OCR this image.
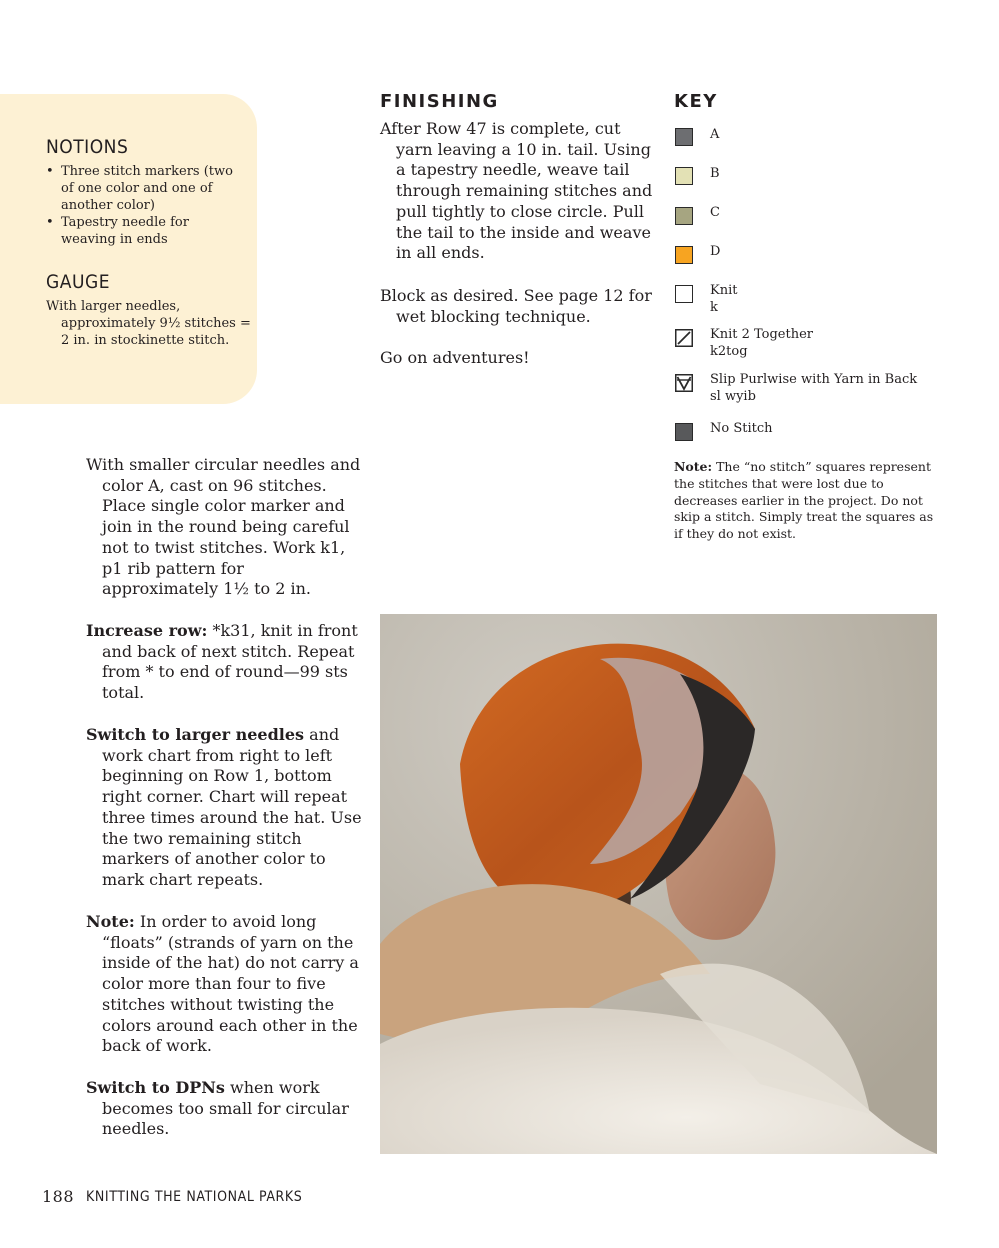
NOTIONS
• Three stitch markers (two of one color and one of another color)
• Tapestry needle for weaving in ends
GAUGE

With larger needles, approximately 9½ stitches = 2 in. in stockinette stitch.

With smaller circular needles and color A, cast on 96 stitches. Place single color marker and join in the round being careful not to twist stitches. Work k1, p1 rib pattern for approximately 1½ to 2 in.

Increase row: *k31, knit in front and back of next stitch. Repeat from * to end of round—99 sts total.

Switch to larger needles and work chart from right to left beginning on Row 1, bottom right corner. Chart will repeat three times around the hat. Use the two remaining stitch markers of another color to mark chart repeats.

Note: In order to avoid long “floats” (strands of yarn on the inside of the hat) do not carry a color more than four to five stitches without twisting the colors around each other in the back of work.

Switch to DPNs when work becomes too small for circular needles.

FINISHING

After Row 47 is complete, cut yarn leaving a 10 in. tail. Using a tapestry needle, weave tail through remaining stitches and pull tightly to close circle. Pull the tail to the inside and weave in all ends.

Block as desired. See page 12 for wet blocking technique.

Go on adventures!

KEY

A

B

C

D

Knit
k

Knit 2 Together
k2tog

Slip Purlwise with Yarn in Back
sl wyib

No Stitch

Note: The “no stitch” squares represent the stitches that were lost due to decreases earlier in the project. Do not skip a stitch. Simply treat the squares as if they do not exist.

188 KNITTING THE NATIONAL PARKS
